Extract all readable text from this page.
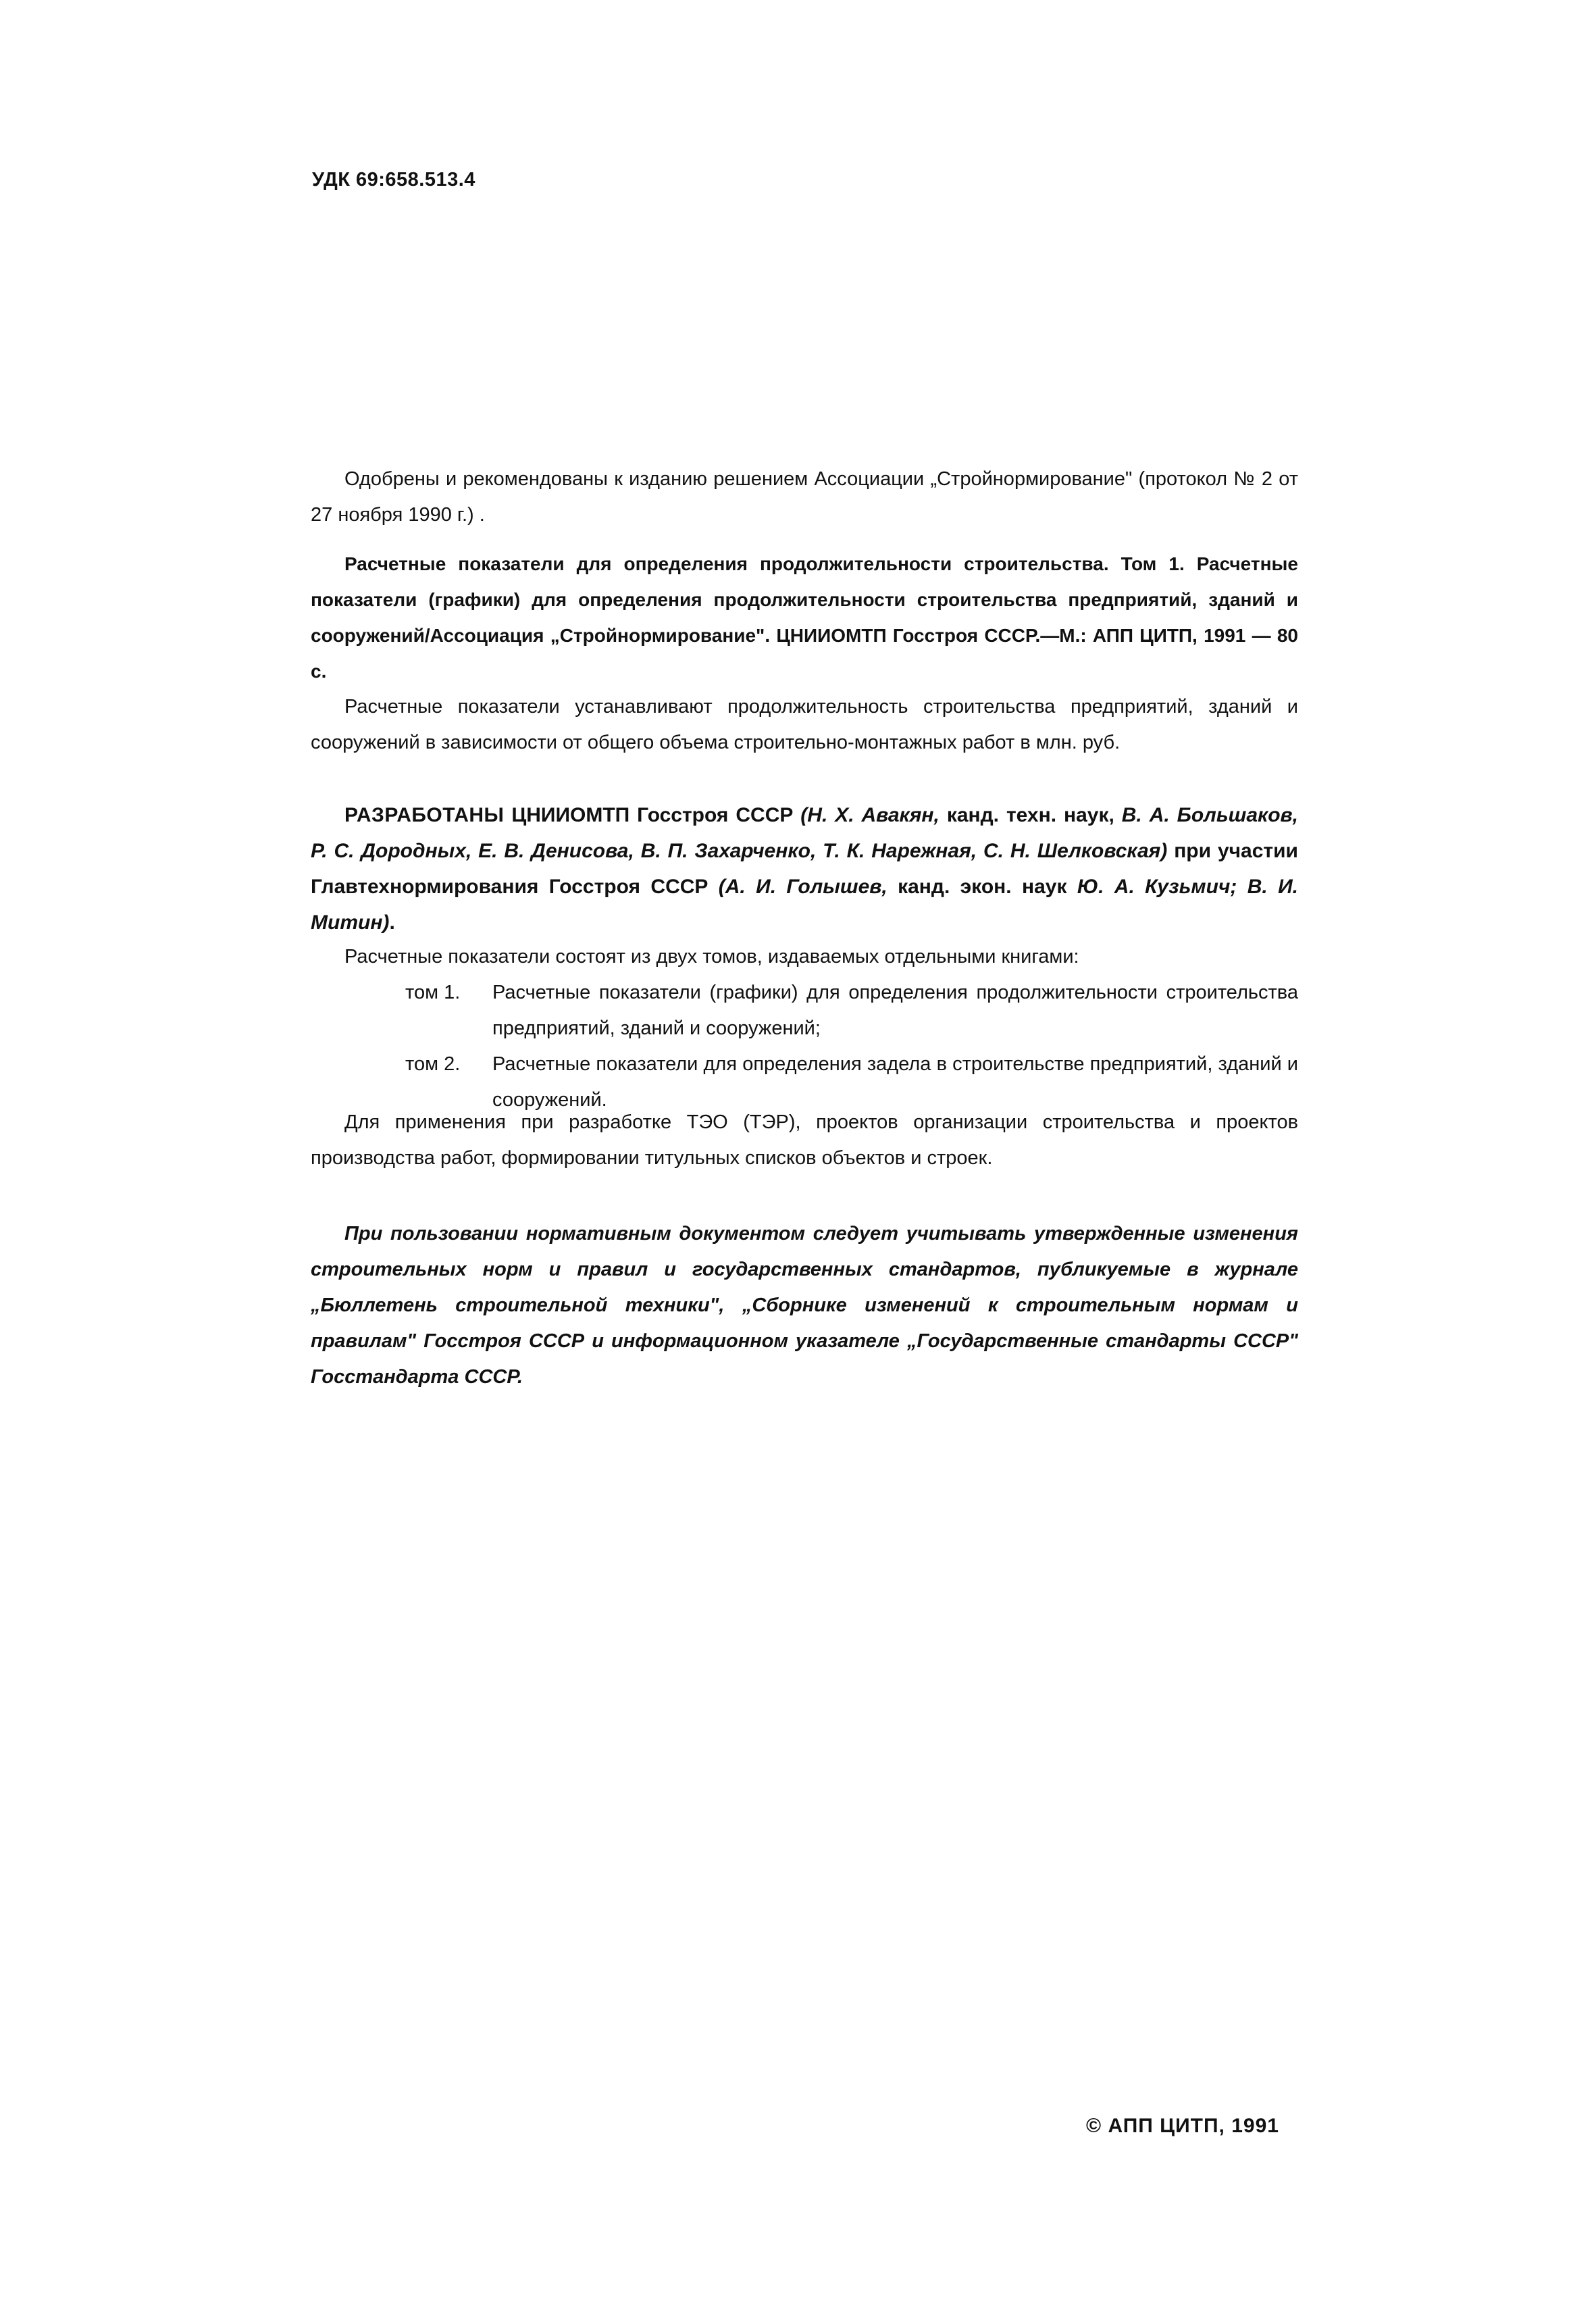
УДК 69:658.513.4

Одобрены и рекомендованы к изданию решением Ассоциации „Стройнормирование" (протокол № 2 от 27 ноября 1990 г.) .

Расчетные показатели для определения продолжительности строительства. Том 1. Расчетные показатели (графики) для определения продолжительности строительства предприятий, зданий и сооружений/Ассоциация „Стройнормирование". ЦНИИОМТП Госстроя СССР.—М.: АПП ЦИТП, 1991 — 80 с.

Расчетные показатели устанавливают продолжительность строительства предприятий, зданий и сооружений в зависимости от общего объема строительно-монтажных работ в млн. руб.

РАЗРАБОТАНЫ ЦНИИОМТП Госстроя СССР (Н. Х. Авакян, канд. техн. наук, В. А. Большаков, Р. С. Дородных, Е. В. Денисова, В. П. Захарченко, Т. К. Нарежная, С. Н. Шелковская) при участии Главтехнормирования Госстроя СССР (А. И. Голышев, канд. экон. наук Ю. А. Кузьмич; В. И. Митин).

Расчетные показатели состоят из двух томов, издаваемых отдельными книгами:
том 1.	Расчетные показатели (графики) для определения продолжительности строительства предприятий, зданий и сооружений;
том 2.	Расчетные показатели для определения задела в строительстве предприятий, зданий и сооружений.

Для применения при разработке ТЭО (ТЭР), проектов организации строительства и проектов производства работ, формировании титульных списков объектов и строек.

При пользовании нормативным документом следует учитывать утвержденные изменения строительных норм и правил и государственных стандартов, публикуемые в журнале „Бюллетень строительной техники", „Сборнике изменений к строительным нормам и правилам" Госстроя СССР и информационном указателе „Государственные стандарты СССР" Госстандарта СССР.

© АПП ЦИТП, 1991
